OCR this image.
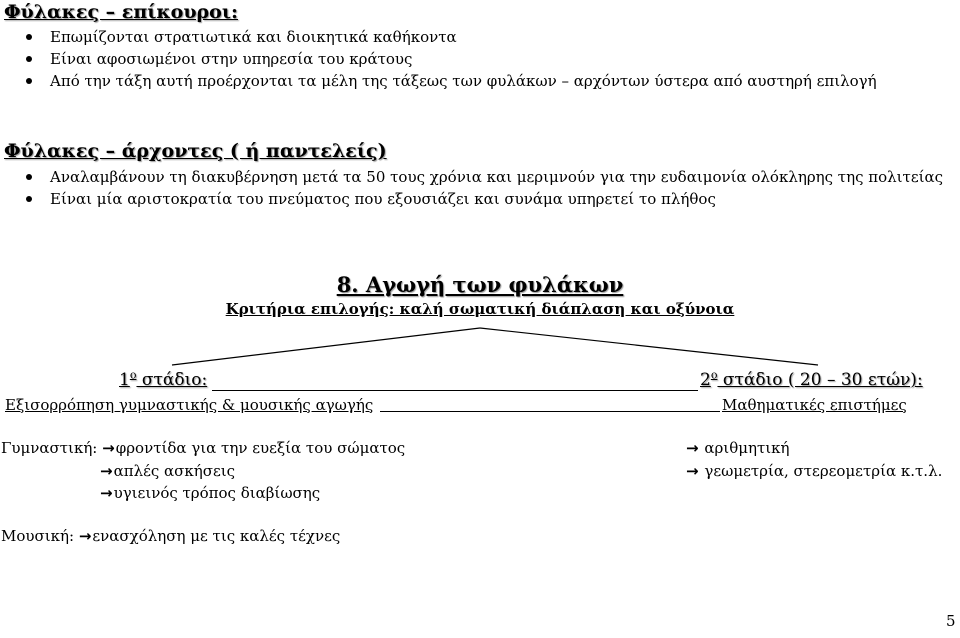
Φύλακες – επίκουροι:
Επωμίζονται στρατιωτικά και διοικητικά καθήκοντα
Είναι αφοσιωμένοι στην υπηρεσία του κράτους
Από την τάξη αυτή προέρχονται τα μέλη της τάξεως των φυλάκων – αρχόντων ύστερα από αυστηρή επιλογή
Φύλακες – άρχοντες ( ή παντελείς)
Αναλαμβάνουν τη διακυβέρνηση μετά τα 50 τους χρόνια και μεριμνούν για την ευδαιμονία ολόκληρης της πολιτείας
Είναι μία αριστοκρατία του πνεύματος που εξουσιάζει και συνάμα υπηρετεί το πλήθος
8. Αγωγή των φυλάκων
Κριτήρια επιλογής: καλή σωματική διάπλαση και οξύνοια
$1^o$ στάδιο:	$2^o$ στάδιο ( 20 – 30 ετών):
Εξισορρόπηση γυμναστικής & μουσικής αγωγής	Μαθηματικές επιστήμες
Γυμναστική: →φροντίδα για την ευεξία του σώματος
→απλές ασκήσεις
→υγιεινός τρόπος διαβίωσης
→ αριθμητική
→ γεωμετρία, στερεομετρία κ.τ.λ.
Μουσική: →ενασχόληση με τις καλές τέχνες
5
